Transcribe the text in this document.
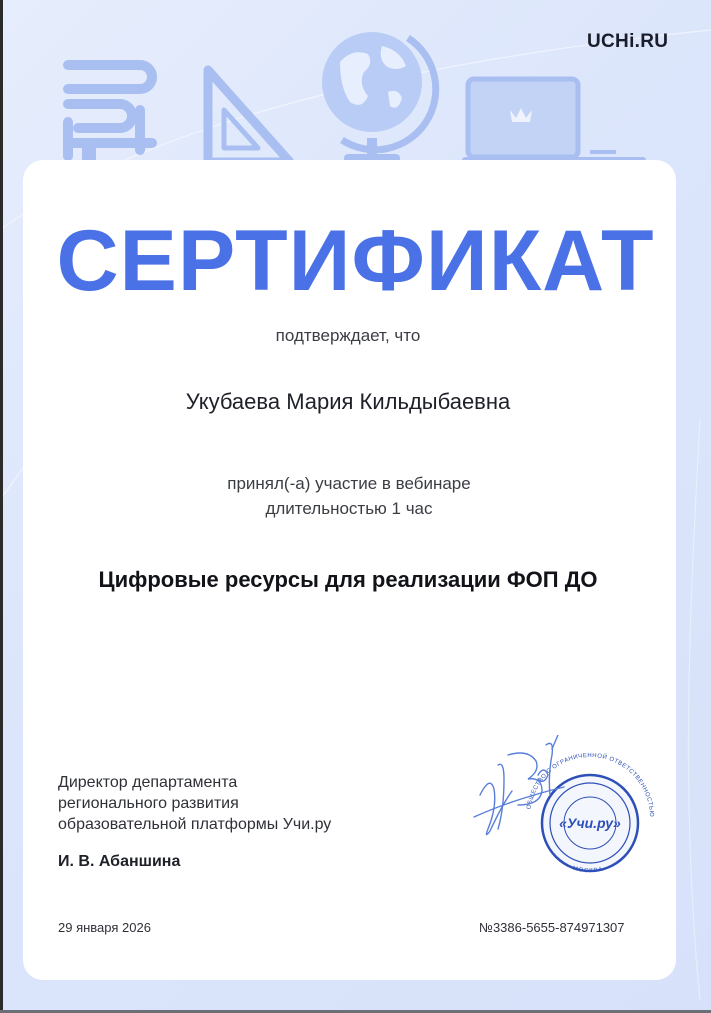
UCHi.RU
СЕРТИФИКАТ
подтверждает, что
Укубаева Мария Кильдыбаевна
принял(-а) участие в вебинаре
длительностью 1 час
Цифровые ресурсы для реализации ФОП ДО
Директор департамента
регионального развития
образовательной платформы Учи.ру
И. В. Абаншина
ОБЩЕСТВО С ОГРАНИЧЕННОЙ ОТВЕТСТВЕННОСТЬЮ
МОСКВА
«Учи.ру»
29 января 2026	№3386-5655-874971307
